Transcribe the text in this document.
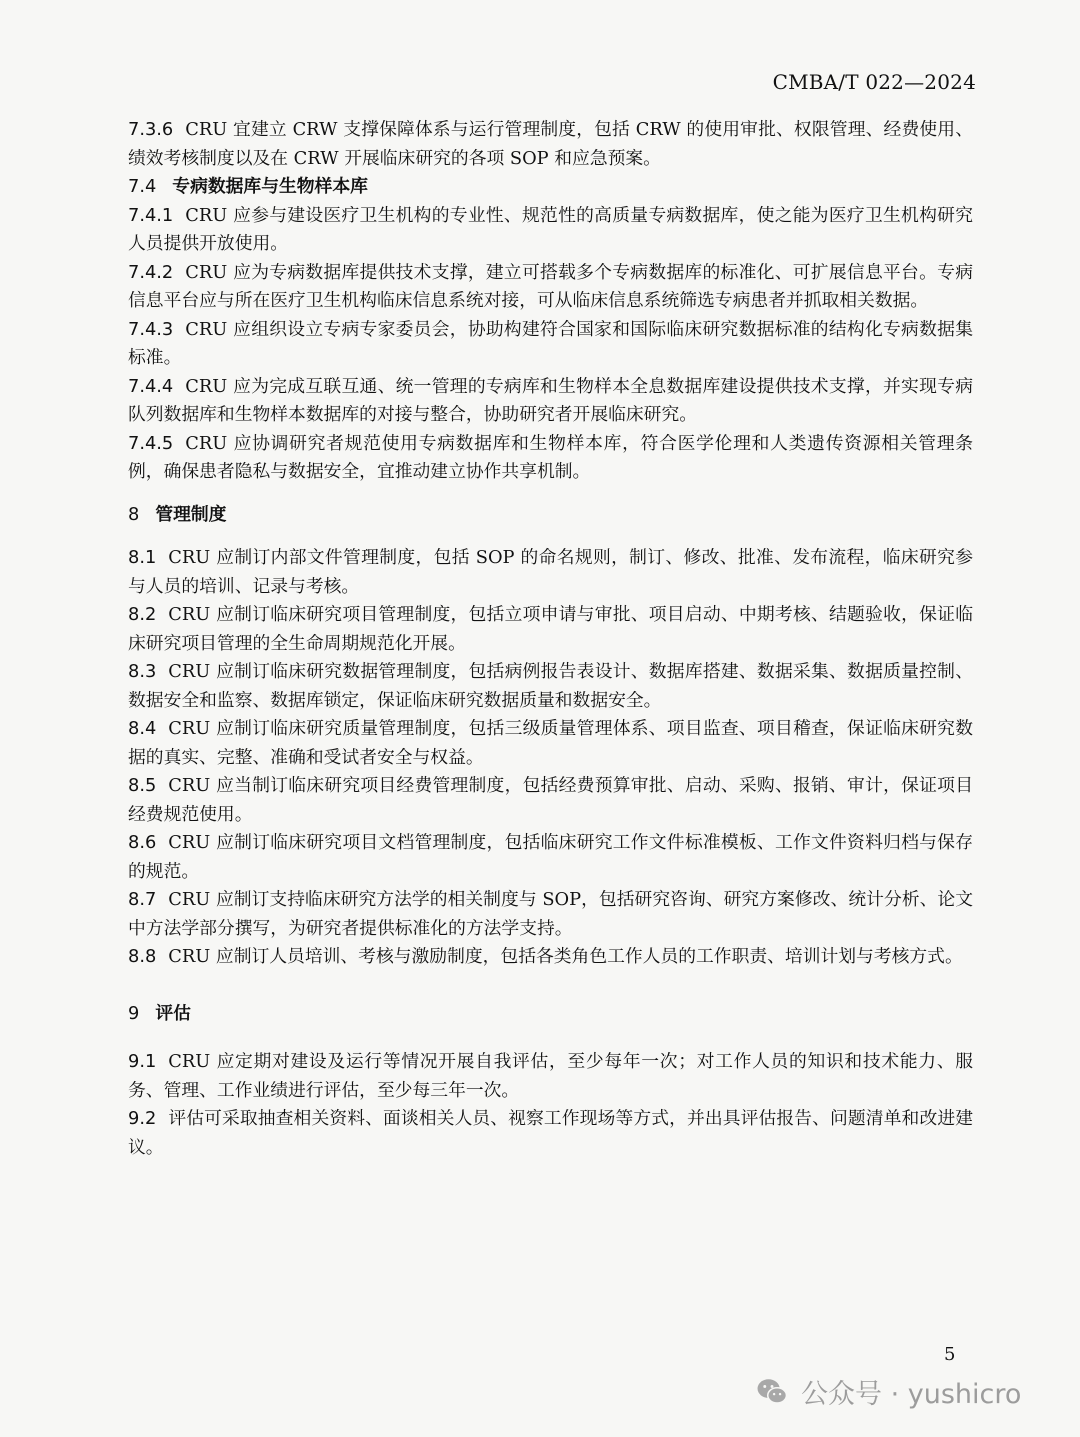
CMBA/T 022—2024

7.3.6 CRU 宜建立 CRW 支撑保障体系与运行管理制度，包括 CRW 的使用审批、权限管理、经费使用、绩效考核制度以及在 CRW 开展临床研究的各项 SOP 和应急预案。

7.4 专病数据库与生物样本库

7.4.1 CRU 应参与建设医疗卫生机构的专业性、规范性的高质量专病数据库，使之能为医疗卫生机构研究人员提供开放使用。

7.4.2 CRU 应为专病数据库提供技术支撑，建立可搭载多个专病数据库的标准化、可扩展信息平台。专病信息平台应与所在医疗卫生机构临床信息系统对接，可从临床信息系统筛选专病患者并抓取相关数据。

7.4.3 CRU 应组织设立专病专家委员会，协助构建符合国家和国际临床研究数据标准的结构化专病数据集标准。

7.4.4 CRU 应为完成互联互通、统一管理的专病库和生物样本全息数据库建设提供技术支撑，并实现专病队列数据库和生物样本数据库的对接与整合，协助研究者开展临床研究。

7.4.5 CRU 应协调研究者规范使用专病数据库和生物样本库，符合医学伦理和人类遗传资源相关管理条例，确保患者隐私与数据安全，宜推动建立协作共享机制。

8 管理制度

8.1 CRU 应制订内部文件管理制度，包括 SOP 的命名规则，制订、修改、批准、发布流程，临床研究参与人员的培训、记录与考核。

8.2 CRU 应制订临床研究项目管理制度，包括立项申请与审批、项目启动、中期考核、结题验收，保证临床研究项目管理的全生命周期规范化开展。

8.3 CRU 应制订临床研究数据管理制度，包括病例报告表设计、数据库搭建、数据采集、数据质量控制、数据安全和监察、数据库锁定，保证临床研究数据质量和数据安全。

8.4 CRU 应制订临床研究质量管理制度，包括三级质量管理体系、项目监查、项目稽查，保证临床研究数据的真实、完整、准确和受试者安全与权益。

8.5 CRU 应当制订临床研究项目经费管理制度，包括经费预算审批、启动、采购、报销、审计，保证项目经费规范使用。

8.6 CRU 应制订临床研究项目文档管理制度，包括临床研究工作文件标准模板、工作文件资料归档与保存的规范。

8.7 CRU 应制订支持临床研究方法学的相关制度与 SOP，包括研究咨询、研究方案修改、统计分析、论文中方法学部分撰写，为研究者提供标准化的方法学支持。

8.8 CRU 应制订人员培训、考核与激励制度，包括各类角色工作人员的工作职责、培训计划与考核方式。

9 评估

9.1 CRU 应定期对建设及运行等情况开展自我评估，至少每年一次；对工作人员的知识和技术能力、服务、管理、工作业绩进行评估，至少每三年一次。

9.2 评估可采取抽查相关资料、面谈相关人员、视察工作现场等方式，并出具评估报告、问题清单和改进建议。

5
公众号 · yushicro
